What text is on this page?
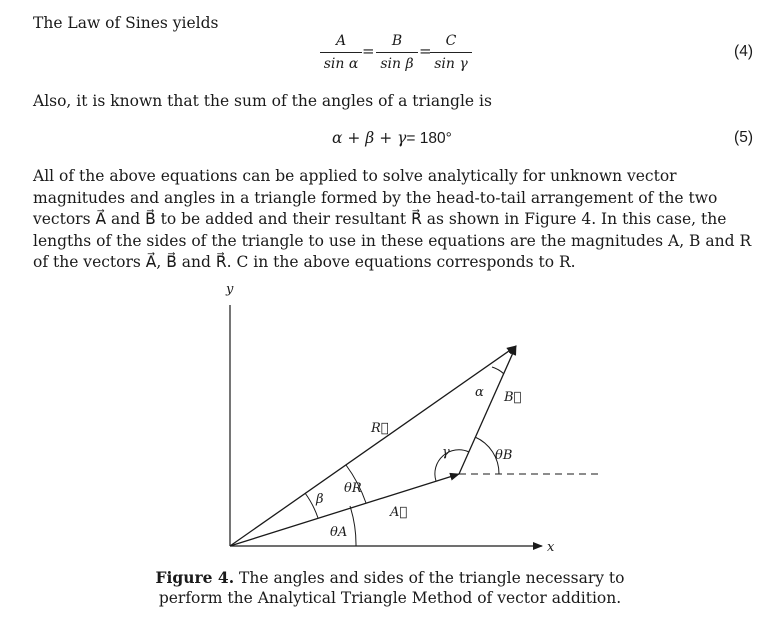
The Law of Sines yields
A
sin α
=
B
sin β
=
C
sin γ
(4)
Also, it is known that the sum of the angles of a triangle is
α + β + γ= 180°	(5)
All of the above equations can be applied to solve analytically for unknown vector magnitudes and angles in a triangle formed by the head-to-tail arrangement of the two vectors A⃗ and B⃗ to be added and their resultant R⃗ as shown in Figure 4. In this case, the lengths of the sides of the triangle to use in these equations are the magnitudes A, B and R of the vectors A⃗, B⃗ and R⃗. C in the above equations corresponds to R.
y
x
R⃗
A⃗
B⃗
θR
θA
θB
β
α
γ
Figure 4. The angles and sides of the triangle necessary to perform the Analytical Triangle Method of vector addition.
